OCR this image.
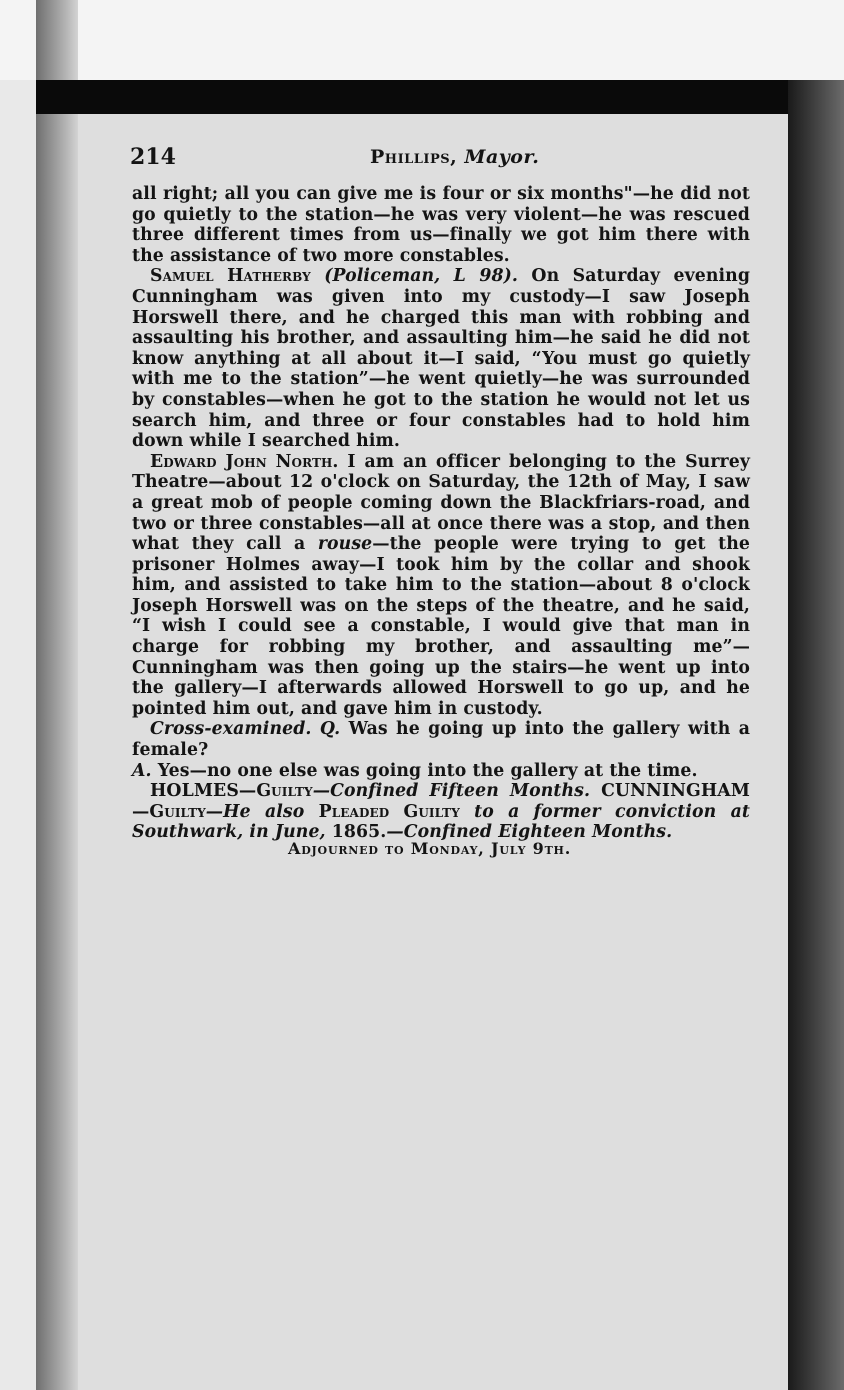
214	Phillips, Mayor.

all right; all you can give me is four or six months"—he did not go quietly to the station—he was very violent—he was rescued three different times from us—finally we got him there with the assistance of two more constables.

Samuel Hatherby (Policeman, L 98). On Saturday evening Cunningham was given into my custody—I saw Joseph Horswell there, and he charged this man with robbing and assaulting his brother, and assaulting him—he said he did not know anything at all about it—I said, “You must go quietly with me to the station”—he went quietly—he was surrounded by constables—when he got to the station he would not let us search him, and three or four constables had to hold him down while I searched him.

Edward John North. I am an officer belonging to the Surrey Theatre—about 12 o'clock on Saturday, the 12th of May, I saw a great mob of people coming down the Blackfriars-road, and two or three constables—all at once there was a stop, and then what they call a rouse—the people were trying to get the prisoner Holmes away—I took him by the collar and shook him, and assisted to take him to the station—about 8 o'clock Joseph Horswell was on the steps of the theatre, and he said, “I wish I could see a constable, I would give that man in charge for robbing my brother, and assaulting me”—Cunningham was then going up the stairs—he went up into the gallery—I afterwards allowed Horswell to go up, and he pointed him out, and gave him in custody.

Cross-examined. Q. Was he going up into the gallery with a female?

A. Yes—no one else was going into the gallery at the time.

HOLMES—Guilty—Confined Fifteen Months. CUNNINGHAM—Guilty—He also Pleaded Guilty to a former conviction at Southwark, in June, 1865.—Confined Eighteen Months.

Adjourned to Monday, July 9th.
